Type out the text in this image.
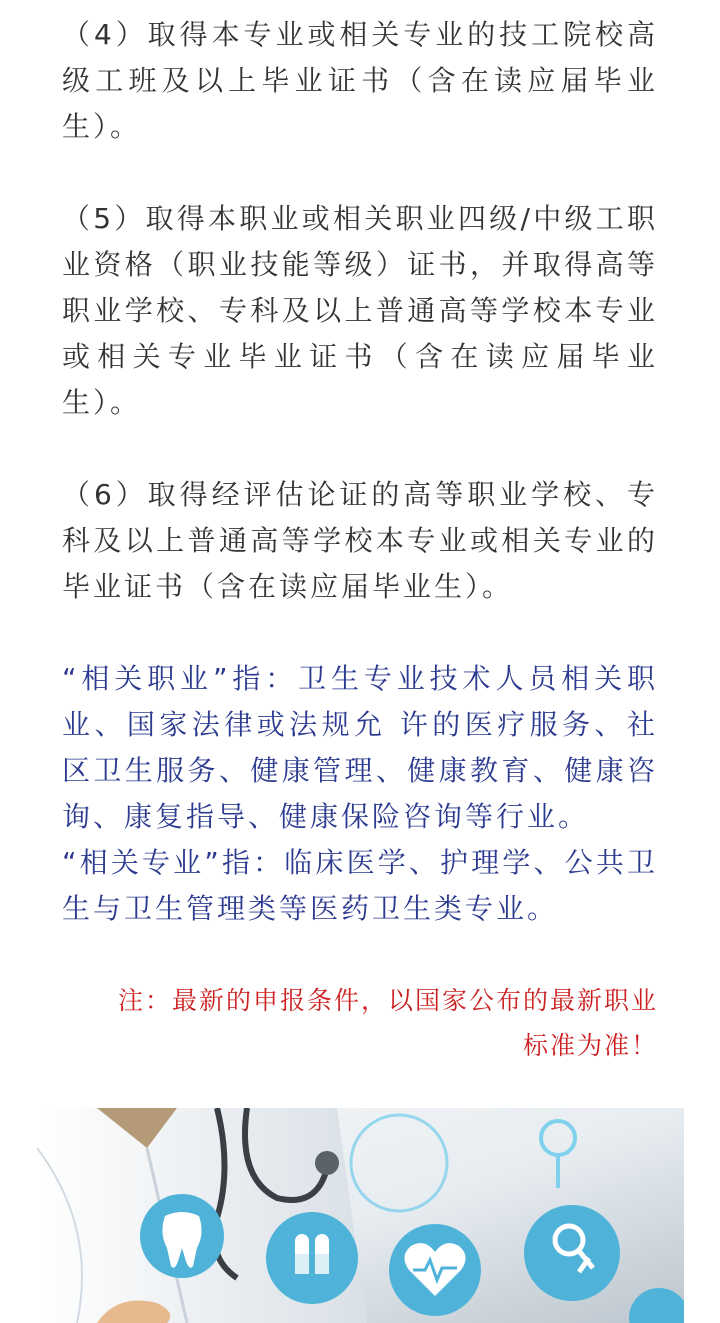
（4）取得本专业或相关专业的技工院校高级工班及以上毕业证书（含在读应届毕业生）。

（5）取得本职业或相关职业四级/中级工职业资格（职业技能等级）证书，并取得高等职业学校、专科及以上普通高等学校本专业或相关专业毕业证书（含在读应届毕业生）。

（6）取得经评估论证的高等职业学校、专科及以上普通高等学校本专业或相关专业的毕业证书（含在读应届毕业生）。

“相关职业”指：卫生专业技术人员相关职业、国家法律或法规允 许的医疗服务、社区卫生服务、健康管理、健康教育、健康咨询、康复指导、健康保险咨询等行业。

“相关专业”指：临床医学、护理学、公共卫生与卫生管理类等医药卫生类专业。

注：最新的申报条件，以国家公布的最新职业
标准为准！
